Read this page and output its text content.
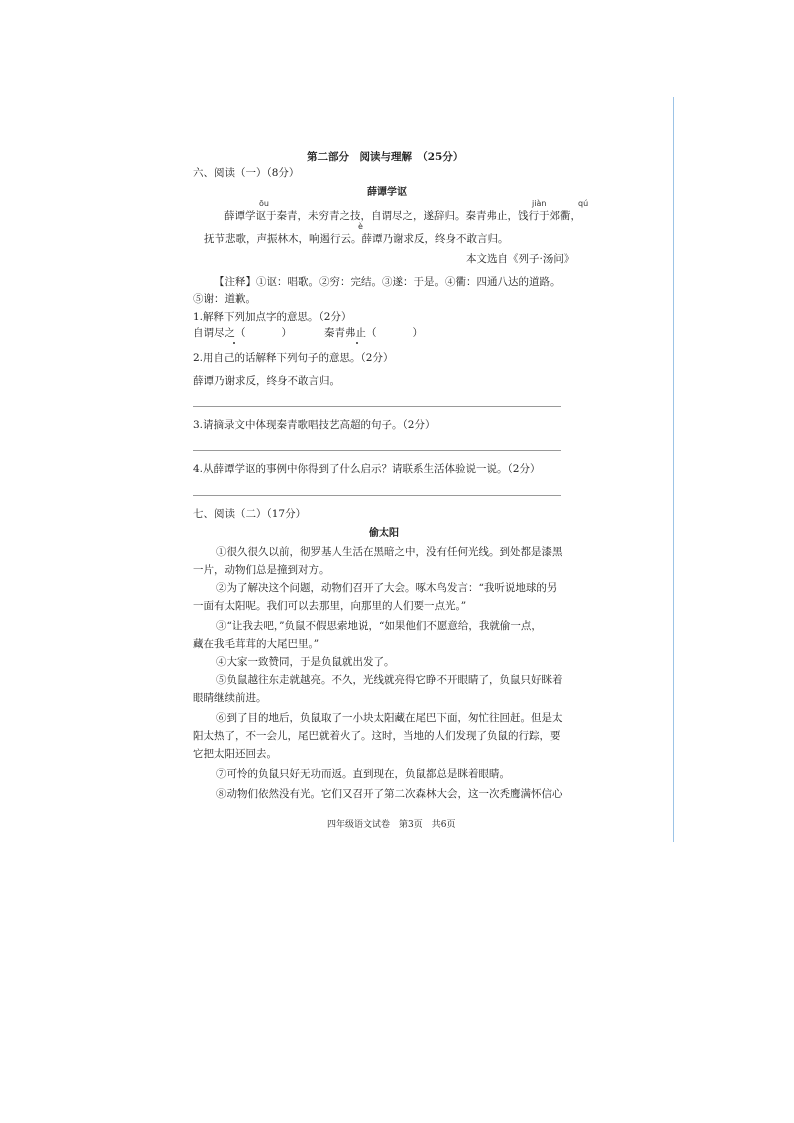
第二部分　阅读与理解　（25分）
六、阅读（一）（8分）
薛谭学讴
ōu	jiàn	qú
薛谭学讴于秦青，未穷青之技，自谓尽之，遂辞归。秦青弗止，饯行于郊衢，
è
抚节悲歌，声振林木，响遏行云。薛谭乃谢求反，终身不敢言归。
本文选自《列子·汤问》
【注释】①讴：唱歌。②穷：完结。③遂：于是。④衢：四通八达的道路。
⑤谢：道歉。
1.解释下列加点字的意思。（2分）
自谓尽之（	）	秦青弗止（	）
2.用自己的话解释下列句子的意思。（2分）
薛谭乃谢求反，终身不敢言归。
3.请摘录文中体现秦青歌唱技艺高超的句子。（2分）
4.从薛谭学讴的事例中你得到了什么启示？请联系生活体验说一说。（2分）
七、阅读（二）（17分）
偷太阳
①很久很久以前，彻罗基人生活在黑暗之中，没有任何光线。到处都是漆黑
一片，动物们总是撞到对方。
②为了解决这个问题，动物们召开了大会。啄木鸟发言：“我听说地球的另
一面有太阳呢。我们可以去那里，向那里的人们要一点光。”
③“让我去吧，”负鼠不假思索地说，“如果他们不愿意给，我就偷一点，
藏在我毛茸茸的大尾巴里。”
④大家一致赞同，于是负鼠就出发了。
⑤负鼠越往东走就越亮。不久，光线就亮得它睁不开眼睛了，负鼠只好眯着
眼睛继续前进。
⑥到了目的地后，负鼠取了一小块太阳藏在尾巴下面，匆忙往回赶。但是太
阳太热了，不一会儿，尾巴就着火了。这时，当地的人们发现了负鼠的行踪，要
它把太阳还回去。
⑦可怜的负鼠只好无功而返。直到现在，负鼠都总是眯着眼睛。
⑧动物们依然没有光。它们又召开了第二次森林大会，这一次秃鹰满怀信心
四年级语文试卷　第3页　共6页
